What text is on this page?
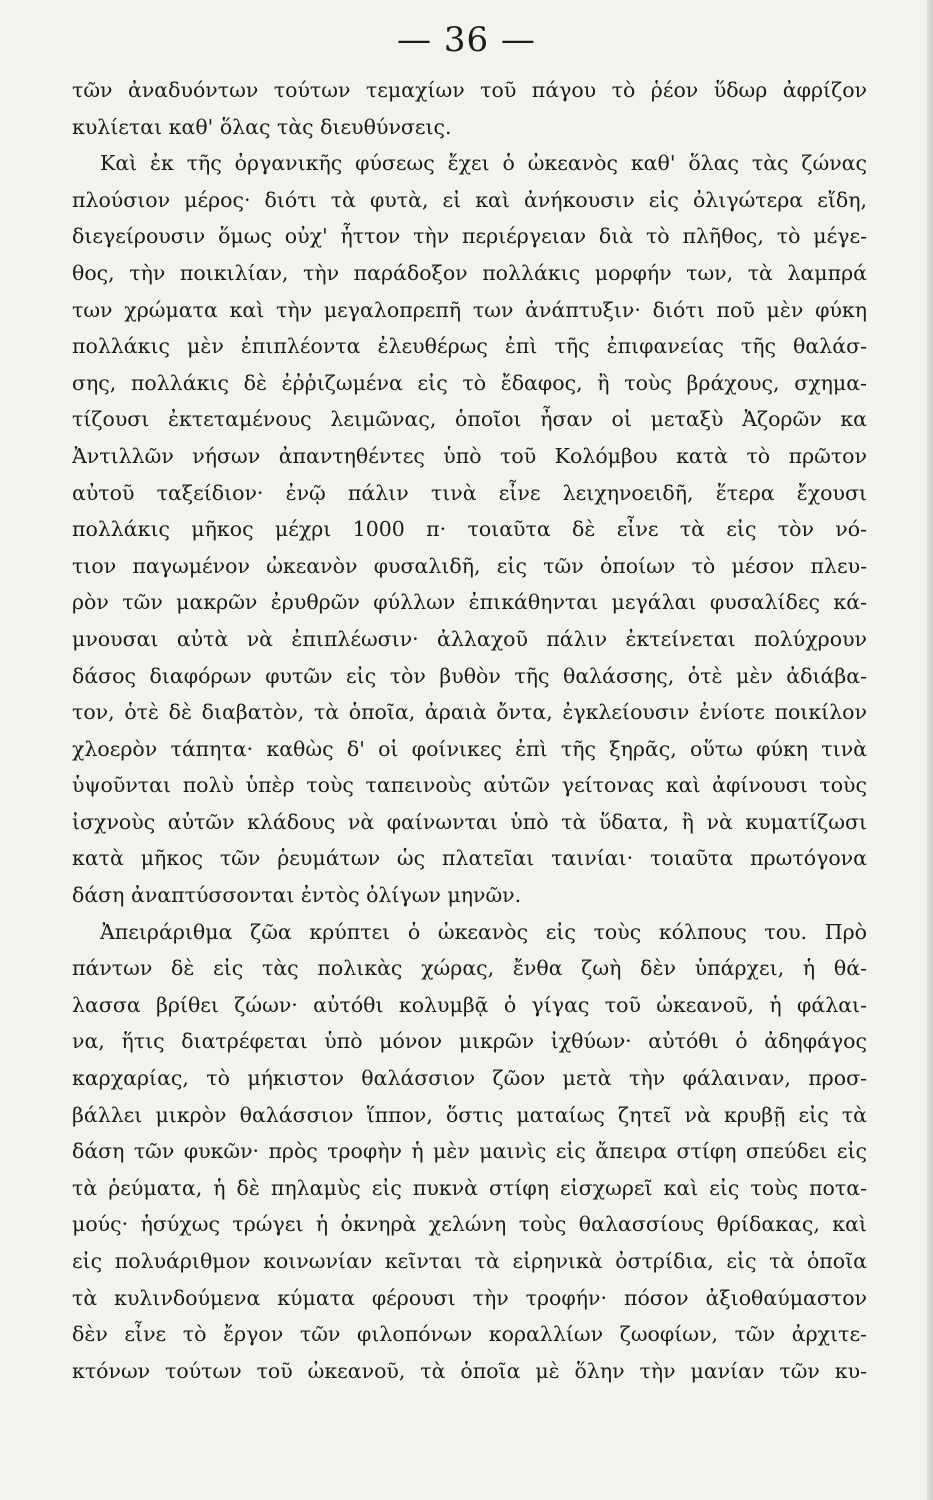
— 36 —
τῶν ἀναδυόντων τούτων τεμαχίων τοῦ πάγου τὸ ῥέον ὕδωρ ἀφρίζον
κυλίεται καθ' ὅλας τὰς διευθύνσεις.
Καὶ ἐκ τῆς ὀργανικῆς φύσεως ἔχει ὁ ὠκεανὸς καθ' ὅλας τὰς ζώνας
πλούσιον μέρος· διότι τὰ φυτὰ, εἰ καὶ ἀνήκουσιν εἰς ὀλιγώτερα εἴδη,
διεγείρουσιν ὅμως οὐχ' ἧττον τὴν περιέργειαν διὰ τὸ πλῆθος, τὸ μέγε-
θος, τὴν ποικιλίαν, τὴν παράδοξον πολλάκις μορφήν των, τὰ λαμπρά
των χρώματα καὶ τὴν μεγαλοπρεπῆ των ἀνάπτυξιν· διότι ποῦ μὲν φύκη
πολλάκις μὲν ἐπιπλέοντα ἐλευθέρως ἐπὶ τῆς ἐπιφανείας τῆς θαλάσ-
σης, πολλάκις δὲ ἐῤῥιζωμένα εἰς τὸ ἔδαφος, ἢ τοὺς βράχους, σχημα-
τίζουσι ἐκτεταμένους λειμῶνας, ὁποῖοι ἦσαν οἱ μεταξὺ Ἀζορῶν κα
Ἀντιλλῶν νήσων ἀπαντηθέντες ὑπὸ τοῦ Κολόμβου κατὰ τὸ πρῶτον
αὐτοῦ ταξείδιον· ἐνῷ πάλιν τινὰ εἶνε λειχηνοειδῆ, ἕτερα ἔχουσι
πολλάκις μῆκος μέχρι 1000 π· τοιαῦτα δὲ εἶνε τὰ εἰς τὸν νό-
τιον παγωμένον ὠκεανὸν φυσαλιδῆ, εἰς τῶν ὁποίων τὸ μέσον πλευ-
ρὸν τῶν μακρῶν ἐρυθρῶν φύλλων ἐπικάθηνται μεγάλαι φυσαλίδες κά-
μνουσαι αὐτὰ νὰ ἐπιπλέωσιν· ἀλλαχοῦ πάλιν ἐκτείνεται πολύχρουν
δάσος διαφόρων φυτῶν εἰς τὸν βυθὸν τῆς θαλάσσης, ὁτὲ μὲν ἀδιάβα-
τον, ὁτὲ δὲ διαβατὸν, τὰ ὁποῖα, ἀραιὰ ὄντα, ἐγκλείουσιν ἐνίοτε ποικίλον
χλοερὸν τάπητα· καθὼς δ' οἱ φοίνικες ἐπὶ τῆς ξηρᾶς, οὕτω φύκη τινὰ
ὑψοῦνται πολὺ ὑπὲρ τοὺς ταπεινοὺς αὐτῶν γείτονας καὶ ἀφίνουσι τοὺς
ἰσχνοὺς αὐτῶν κλάδους νὰ φαίνωνται ὑπὸ τὰ ὕδατα, ἢ νὰ κυματίζωσι
κατὰ μῆκος τῶν ῥευμάτων ὡς πλατεῖαι ταινίαι· τοιαῦτα πρωτόγονα
δάση ἀναπτύσσονται ἐντὸς ὀλίγων μηνῶν.
Ἀπειράριθμα ζῶα κρύπτει ὁ ὠκεανὸς εἰς τοὺς κόλπους του. Πρὸ
πάντων δὲ εἰς τὰς πολικὰς χώρας, ἔνθα ζωὴ δὲν ὑπάρχει, ἡ θά-
λασσα βρίθει ζώων· αὐτόθι κολυμβᾷ ὁ γίγας τοῦ ὠκεανοῦ, ἡ φάλαι-
να, ἥτις διατρέφεται ὑπὸ μόνον μικρῶν ἰχθύων· αὐτόθι ὁ ἀδηφάγος
καρχαρίας, τὸ μήκιστον θαλάσσιον ζῶον μετὰ τὴν φάλαιναν, προσ-
βάλλει μικρὸν θαλάσσιον ἵππον, ὅστις ματαίως ζητεῖ νὰ κρυβῇ εἰς τὰ
δάση τῶν φυκῶν· πρὸς τροφὴν ἡ μὲν μαινὶς εἰς ἄπειρα στίφη σπεύδει εἰς
τὰ ῥεύματα, ἡ δὲ πηλαμὺς εἰς πυκνὰ στίφη εἰσχωρεῖ καὶ εἰς τοὺς ποτα-
μούς· ἡσύχως τρώγει ἡ ὀκνηρὰ χελώνη τοὺς θαλασσίους θρίδακας, καὶ
εἰς πολυάριθμον κοινωνίαν κεῖνται τὰ εἰρηνικὰ ὀστρίδια, εἰς τὰ ὁποῖα
τὰ κυλινδούμενα κύματα φέρουσι τὴν τροφήν· πόσον ἀξιοθαύμαστον
δὲν εἶνε τὸ ἔργον τῶν φιλοπόνων κοραλλίων ζωοφίων, τῶν ἀρχιτε-
κτόνων τούτων τοῦ ὠκεανοῦ, τὰ ὁποῖα μὲ ὅλην τὴν μανίαν τῶν κυ-
